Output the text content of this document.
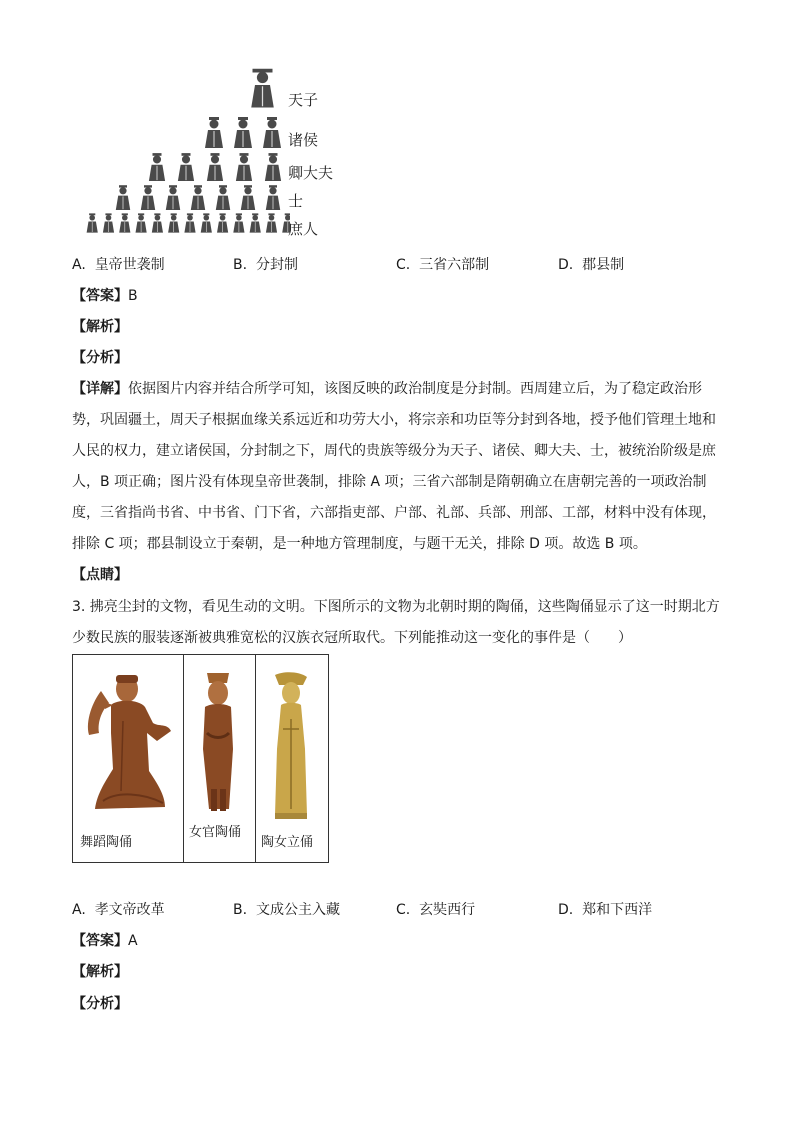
天子
诸侯
卿大夫
士
庶人
A. 皇帝世袭制	B. 分封制	C. 三省六部制	D. 郡县制
【答案】B
【解析】
【分析】
【详解】依据图片内容并结合所学可知，该图反映的政治制度是分封制。西周建立后，为了稳定政治形
势，巩固疆土，周天子根据血缘关系远近和功劳大小，将宗亲和功臣等分封到各地，授予他们管理土地和
人民的权力，建立诸侯国，分封制之下，周代的贵族等级分为天子、诸侯、卿大夫、士，被统治阶级是庶
人，B 项正确；图片没有体现皇帝世袭制，排除 A 项；三省六部制是隋朝确立在唐朝完善的一项政治制
度，三省指尚书省、中书省、门下省，六部指吏部、户部、礼部、兵部、刑部、工部，材料中没有体现，
排除 C 项；郡县制设立于秦朝，是一种地方管理制度，与题干无关，排除 D 项。故选 B 项。
【点睛】
3. 拂亮尘封的文物，看见生动的文明。下图所示的文物为北朝时期的陶俑，这些陶俑显示了这一时期北方
少数民族的服装逐渐被典雅宽松的汉族衣冠所取代。下列能推动这一变化的事件是（　　）
舞蹈陶俑
女官陶俑
陶女立俑
A. 孝文帝改革	B. 文成公主入藏	C. 玄奘西行	D. 郑和下西洋
【答案】A
【解析】
【分析】
